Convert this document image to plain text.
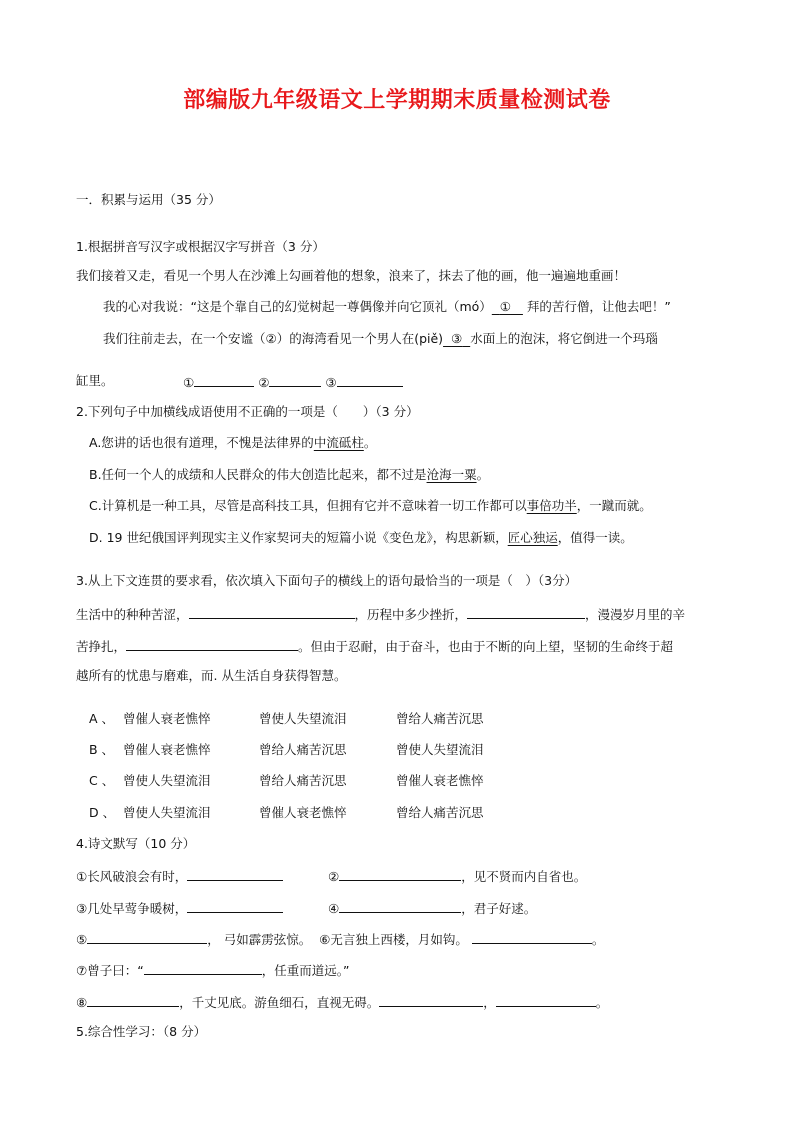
部编版九年级语文上学期期末质量检测试卷
一．积累与运用（35 分）
1.根据拼音写汉字或根据汉字写拼音（3 分）
我们接着又走，看见一个男人在沙滩上勾画着他的想象，浪来了，抹去了他的画，他一遍遍地重画！
我的心对我说：“这是个靠自己的幻觉树起一尊偶像并向它顶礼（mó） ① 拜的苦行僧，让他去吧！”
我们往前走去，在一个安谧（②）的海湾看见一个男人在(piě) ③ 水面上的泡沫，将它倒进一个玛瑙
缸里。	①	②	③
2.下列句子中加横线成语使用不正确的一项是（　　）（3 分）
A.您讲的话也很有道理，不愧是法律界的中流砥柱。
B.任何一个人的成绩和人民群众的伟大创造比起来，都不过是沧海一粟。
C.计算机是一种工具，尽管是高科技工具，但拥有它并不意味着一切工作都可以事倍功半，一蹴而就。
D. 19 世纪俄国评判现实主义作家契诃夫的短篇小说《变色龙》，构思新颖，匠心独运，值得一读。
3.从上下文连贯的要求看，依次填入下面句子的横线上的语句最恰当的一项是（　）（3分）
生活中的种种苦涩，	，历程中多少挫折，	，漫漫岁月里的辛
苦挣扎，	。但由于忍耐，由于奋斗，也由于不断的向上望，坚韧的生命终于超
越所有的忧患与磨难，而. 从生活自身获得智慧。
A 、 曾催人衰老憔悴	曾使人失望流泪	曾给人痛苦沉思
B 、 曾催人衰老憔悴	曾给人痛苦沉思	曾使人失望流泪
C 、 曾使人失望流泪	曾给人痛苦沉思	曾催人衰老憔悴
D 、 曾使人失望流泪	曾催人衰老憔悴	曾给人痛苦沉思
4.诗文默写（10 分）
①长风破浪会有时，	②	，见不贤而内自省也。
③几处早莺争暖树，	④	，君子好逑。
⑤	， 弓如霹雳弦惊。 ⑥无言独上西楼，月如钩。	。
⑦曾子曰：“	，任重而道远。”
⑧	，千丈见底。游鱼细石，直视无碍。	，	。
5.综合性学习：（8 分）
